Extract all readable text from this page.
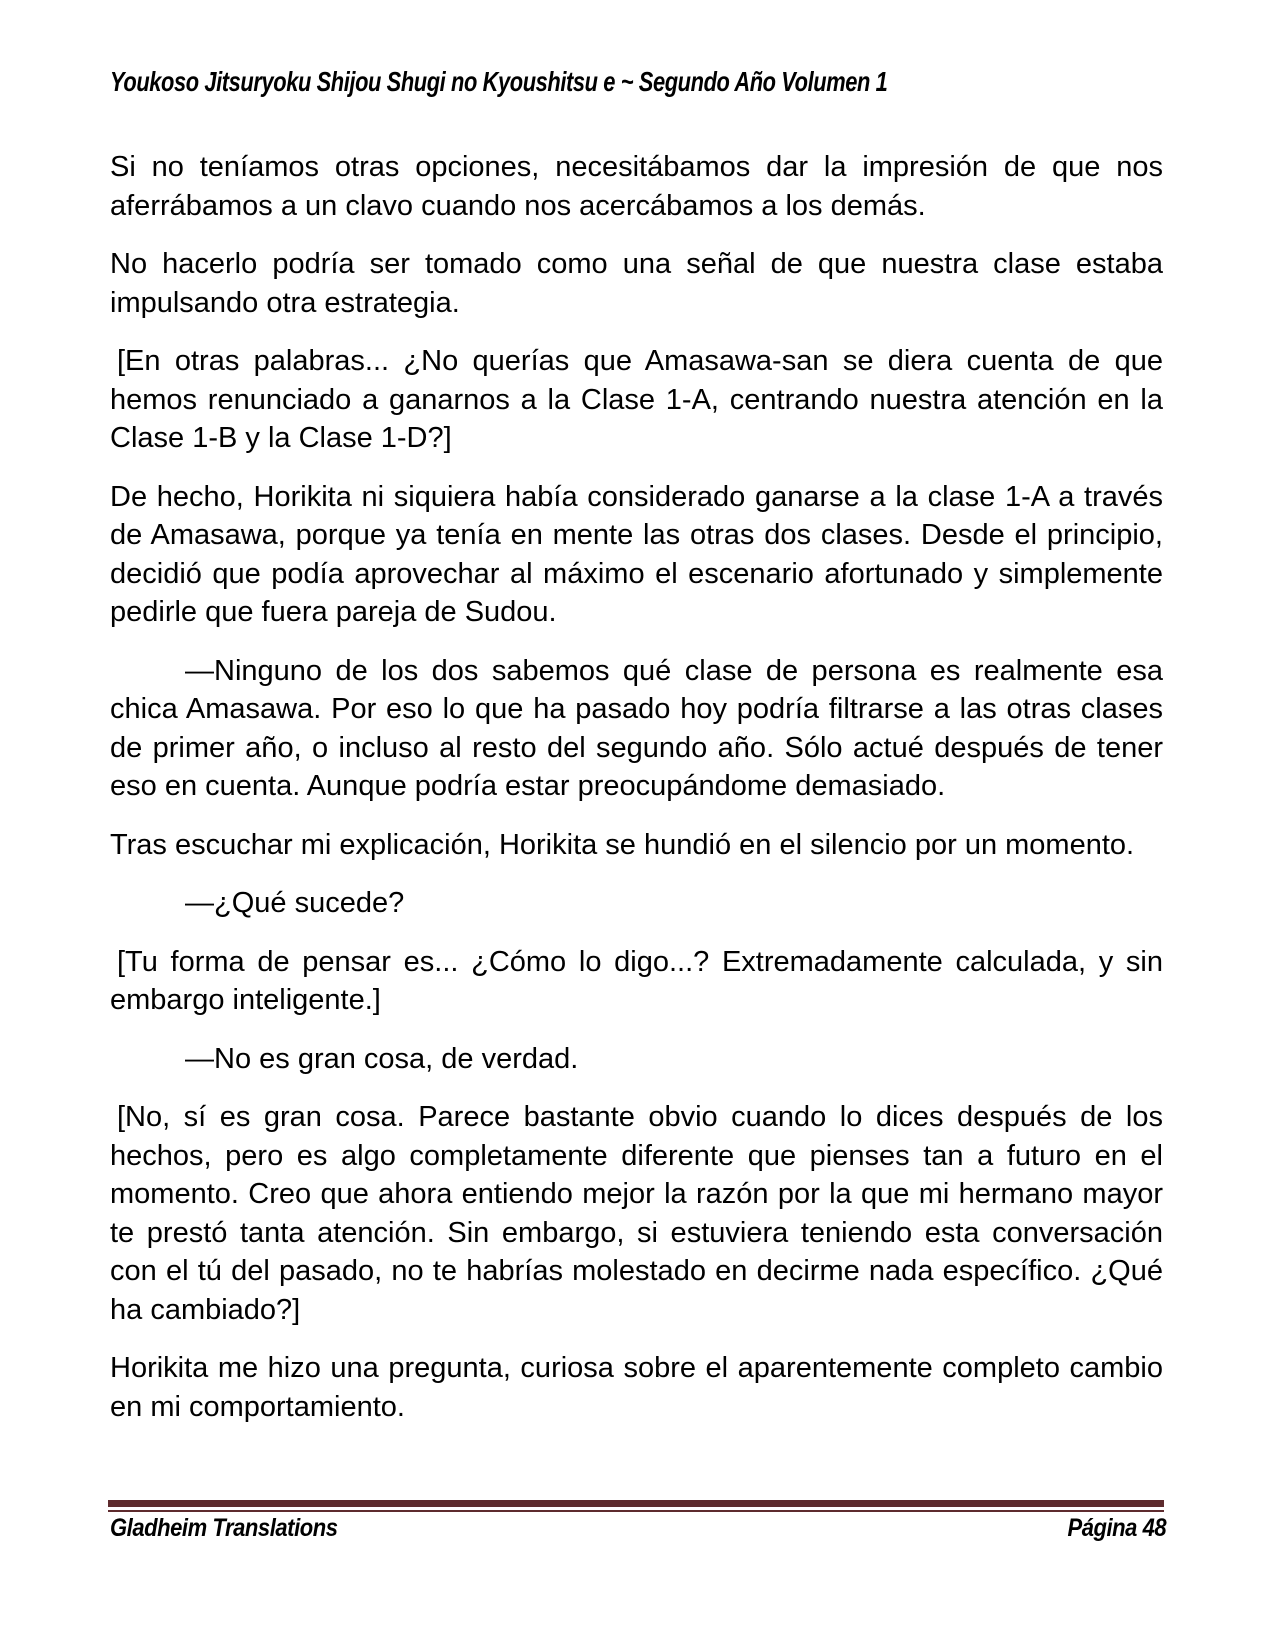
Youkoso Jitsuryoku Shijou Shugi no Kyoushitsu e ~ Segundo Año Volumen 1

Si no teníamos otras opciones, necesitábamos dar la impresión de que nos aferrábamos a un clavo cuando nos acercábamos a los demás.

No hacerlo podría ser tomado como una señal de que nuestra clase estaba impulsando otra estrategia.

[En otras palabras... ¿No querías que Amasawa-san se diera cuenta de que hemos renunciado a ganarnos a la Clase 1-A, centrando nuestra atención en la Clase 1-B y la Clase 1-D?]

De hecho, Horikita ni siquiera había considerado ganarse a la clase 1-A a través de Amasawa, porque ya tenía en mente las otras dos clases. Desde el principio, decidió que podía aprovechar al máximo el escenario afortunado y simplemente pedirle que fuera pareja de Sudou.

—Ninguno de los dos sabemos qué clase de persona es realmente esa chica Amasawa. Por eso lo que ha pasado hoy podría filtrarse a las otras clases de primer año, o incluso al resto del segundo año. Sólo actué después de tener eso en cuenta. Aunque podría estar preocupándome demasiado.

Tras escuchar mi explicación, Horikita se hundió en el silencio por un momento.

—¿Qué sucede?

[Tu forma de pensar es... ¿Cómo lo digo...? Extremadamente calculada, y sin embargo inteligente.]

—No es gran cosa, de verdad.

[No, sí es gran cosa. Parece bastante obvio cuando lo dices después de los hechos, pero es algo completamente diferente que pienses tan a futuro en el momento. Creo que ahora entiendo mejor la razón por la que mi hermano mayor te prestó tanta atención. Sin embargo, si estuviera teniendo esta conversación con el tú del pasado, no te habrías molestado en decirme nada específico. ¿Qué ha cambiado?]

Horikita me hizo una pregunta, curiosa sobre el aparentemente completo cambio en mi comportamiento.

Gladheim Translations	Página 48
